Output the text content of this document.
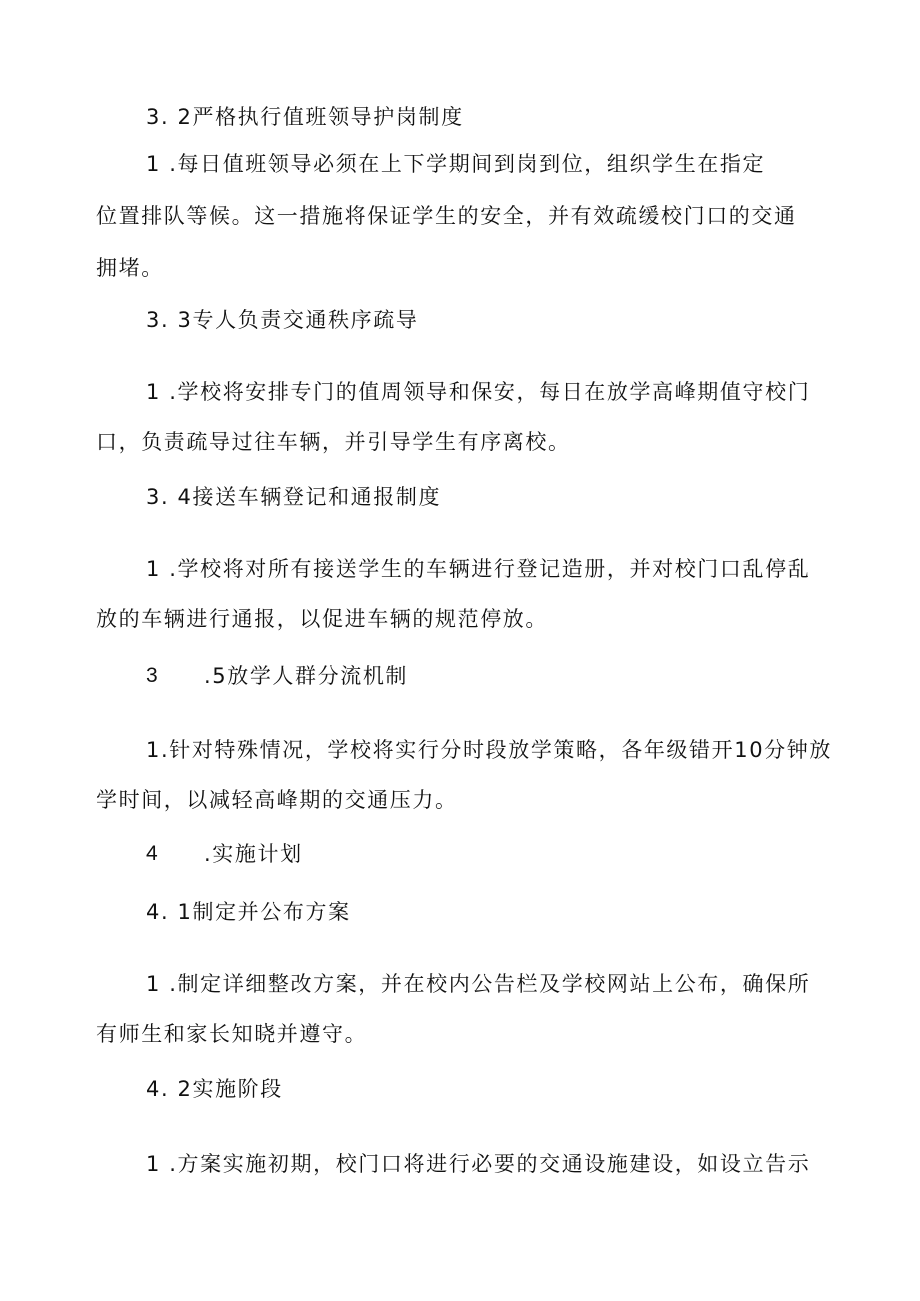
3. 2严格执行值班领导护岗制度
1 .每日值班领导必须在上下学期间到岗到位，组织学生在指定
位置排队等候。这一措施将保证学生的安全，并有效疏缓校门口的交通
拥堵。
3. 3专人负责交通秩序疏导
1 .学校将安排专门的值周领导和保安，每日在放学高峰期值守校门
口，负责疏导过往车辆，并引导学生有序离校。
3. 4接送车辆登记和通报制度
1 .学校将对所有接送学生的车辆进行登记造册，并对校门口乱停乱
放的车辆进行通报，以促进车辆的规范停放。
3 .5放学人群分流机制
1.针对特殊情况，学校将实行分时段放学策略，各年级错开10分钟放
学时间，以减轻高峰期的交通压力。
4 .实施计划
4. 1制定并公布方案
1 .制定详细整改方案，并在校内公告栏及学校网站上公布，确保所
有师生和家长知晓并遵守。
4. 2实施阶段
1 .方案实施初期，校门口将进行必要的交通设施建设，如设立告示
